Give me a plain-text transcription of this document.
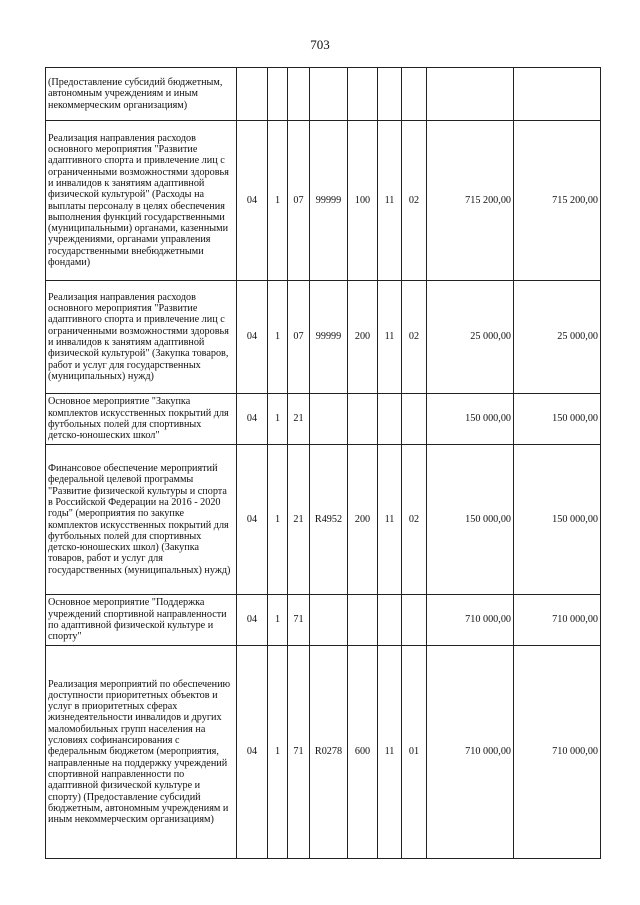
703
(Предоставление субсидий бюджетным, автономным учреждениям и иным некоммерческим организациям)									
Реализация направления расходов основного мероприятия "Развитие адаптивного спорта и привлечение лиц с ограниченными возможностями здоровья и инвалидов к занятиям адаптивной физической культурой" (Расходы на выплаты персоналу в целях обеспечения выполнения функций государственными (муниципальными) органами, казенными учреждениями, органами управления государственными внебюджетными фондами)	04	1	07	99999	100	11	02	715 200,00	715 200,00
Реализация направления расходов основного мероприятия "Развитие адаптивного спорта и привлечение лиц с ограниченными возможностями здоровья и инвалидов к занятиям адаптивной физической культурой" (Закупка товаров, работ и услуг для государственных (муниципальных) нужд)	04	1	07	99999	200	11	02	25 000,00	25 000,00
Основное мероприятие "Закупка комплектов искусственных покрытий для футбольных полей для спортивных детско-юношеских школ"	04	1	21					150 000,00	150 000,00
Финансовое обеспечение мероприятий федеральной целевой программы "Развитие физической культуры и спорта в Российской Федерации на 2016 - 2020 годы" (мероприятия по закупке комплектов искусственных покрытий для футбольных полей для спортивных детско-юношеских школ) (Закупка товаров, работ и услуг для государственных (муниципальных) нужд)	04	1	21	R4952	200	11	02	150 000,00	150 000,00
Основное мероприятие "Поддержка учреждений спортивной направленности по адаптивной физической культуре и спорту"	04	1	71					710 000,00	710 000,00
Реализация мероприятий по обеспечению доступности приоритетных объектов и услуг в приоритетных сферах жизнедеятельности инвалидов и других маломобильных групп населения на условиях софинансирования с федеральным бюджетом (мероприятия, направленные на поддержку учреждений спортивной направленности по адаптивной физической культуре и спорту) (Предоставление субсидий бюджетным, автономным учреждениям и иным некоммерческим организациям)	04	1	71	R0278	600	11	01	710 000,00	710 000,00
